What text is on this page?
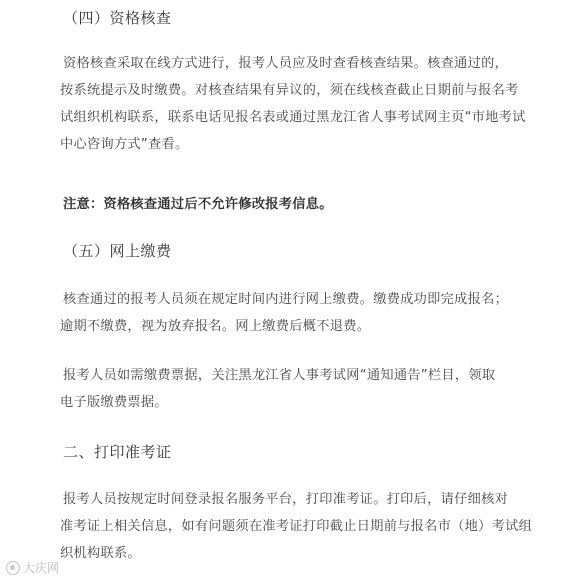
（四）资格核查
资格核查采取在线方式进行，报考人员应及时查看核查结果。核查通过的，
按系统提示及时缴费。对核查结果有异议的，须在线核查截止日期前与报名考
试组织机构联系，联系电话见报名表或通过黑龙江省人事考试网主页“市地考试
中心咨询方式”查看。
注意：资格核查通过后不允许修改报考信息。
（五）网上缴费
核查通过的报考人员须在规定时间内进行网上缴费。缴费成功即完成报名；
逾期不缴费，视为放弃报名。网上缴费后概不退费。
报考人员如需缴费票据，关注黑龙江省人事考试网“通知通告”栏目，领取
电子版缴费票据。
二、打印准考证
报考人员按规定时间登录报名服务平台，打印准考证。打印后，请仔细核对
准考证上相关信息，如有问题须在准考证打印截止日期前与报名市（地）考试组
织机构联系。
大庆网
